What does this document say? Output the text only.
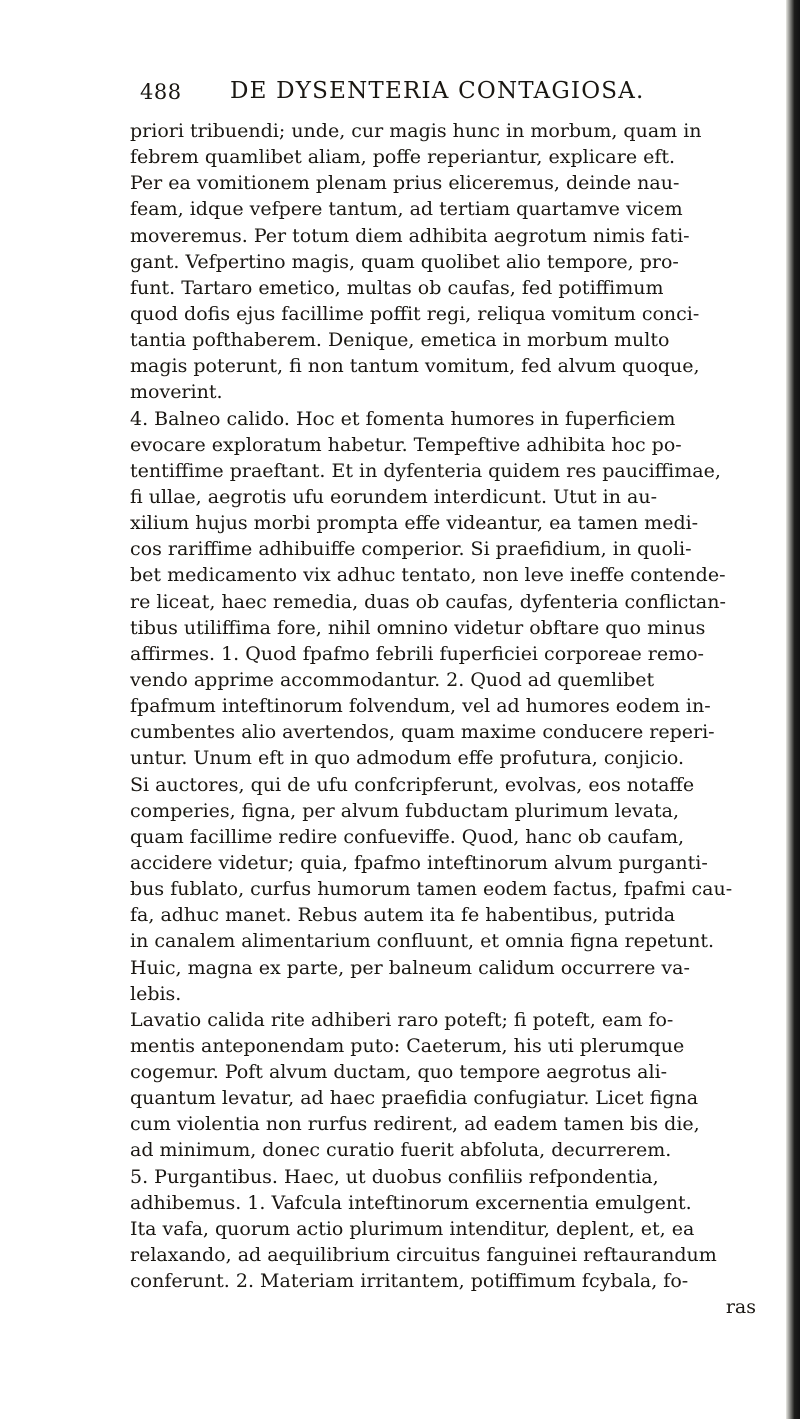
488 DE DYSENTERIA CONTAGIOSA.
priori tribuendi; unde, cur magis hunc in morbum, quam in
febrem quamlibet aliam, poffe reperiantur, explicare eft.
Per ea vomitionem plenam prius eliceremus, deinde nau-
feam, idque vefpere tantum, ad tertiam quartamve vicem
moveremus. Per totum diem adhibita aegrotum nimis fati-
gant. Vefpertino magis, quam quolibet alio tempore, pro-
funt. Tartaro emetico, multas ob caufas, fed potiffimum
quod dofis ejus facillime poffit regi, reliqua vomitum conci-
tantia pofthaberem. Denique, emetica in morbum multo
magis poterunt, fi non tantum vomitum, fed alvum quoque,
moverint.
4. Balneo calido. Hoc et fomenta humores in fuperficiem
evocare exploratum habetur. Tempeftive adhibita hoc po-
tentiffime praeftant. Et in dyfenteria quidem res pauciffimae,
fi ullae, aegrotis ufu eorundem interdicunt. Utut in au-
xilium hujus morbi prompta effe videantur, ea tamen medi-
cos rariffime adhibuiffe comperior. Si praefidium, in quoli-
bet medicamento vix adhuc tentato, non leve ineffe contende-
re liceat, haec remedia, duas ob caufas, dyfenteria conflictan-
tibus utiliffima fore, nihil omnino videtur obftare quo minus
affirmes. 1. Quod fpafmo febrili fuperficiei corporeae remo-
vendo apprime accommodantur. 2. Quod ad quemlibet
fpafmum inteftinorum folvendum, vel ad humores eodem in-
cumbentes alio avertendos, quam maxime conducere reperi-
untur. Unum eft in quo admodum effe profutura, conjicio.
Si auctores, qui de ufu confcripferunt, evolvas, eos notaffe
comperies, figna, per alvum fubductam plurimum levata,
quam facillime redire confueviffe. Quod, hanc ob caufam,
accidere videtur; quia, fpafmo inteftinorum alvum purganti-
bus fublato, curfus humorum tamen eodem factus, fpafmi cau-
fa, adhuc manet. Rebus autem ita fe habentibus, putrida
in canalem alimentarium confluunt, et omnia figna repetunt.
Huic, magna ex parte, per balneum calidum occurrere va-
lebis.
Lavatio calida rite adhiberi raro poteft; fi poteft, eam fo-
mentis anteponendam puto: Caeterum, his uti plerumque
cogemur. Poft alvum ductam, quo tempore aegrotus ali-
quantum levatur, ad haec praefidia confugiatur. Licet figna
cum violentia non rurfus redirent, ad eadem tamen bis die,
ad minimum, donec curatio fuerit abfoluta, decurrerem.
5. Purgantibus. Haec, ut duobus confiliis refpondentia,
adhibemus. 1. Vafcula inteftinorum excernentia emulgent.
Ita vafa, quorum actio plurimum intenditur, deplent, et, ea
relaxando, ad aequilibrium circuitus fanguinei reftaurandum
conferunt. 2. Materiam irritantem, potiffimum fcybala, fo-
ras
